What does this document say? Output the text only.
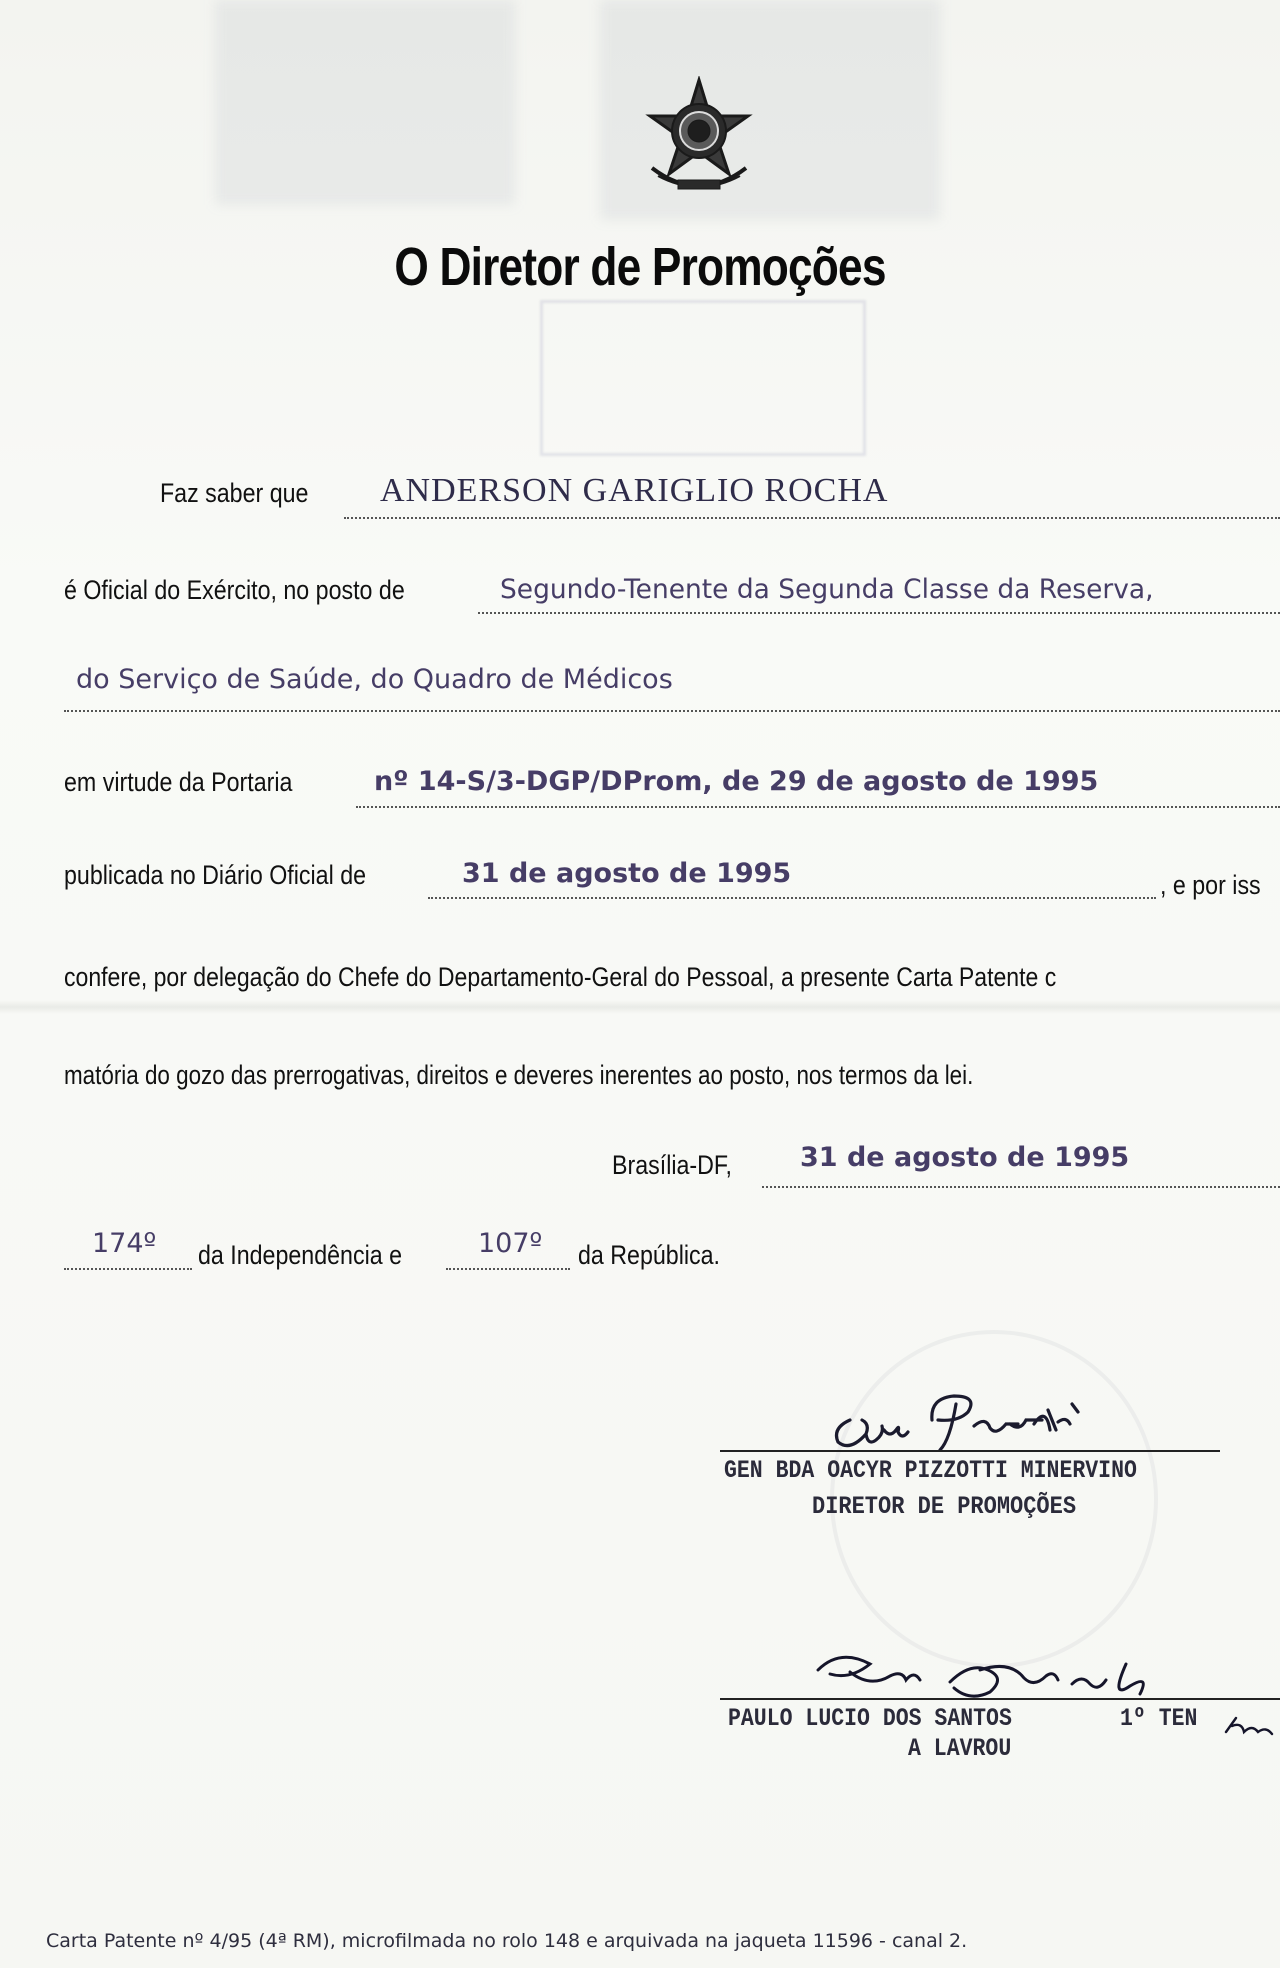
O Diretor de Promoções
Faz saber que ANDERSON GARIGLIO ROCHA
é Oficial do Exército, no posto de	Segundo-Tenente da Segunda Classe da Reserva,
do Serviço de Saúde, do Quadro de Médicos
em virtude da Portaria	nº 14-S/3-DGP/DProm, de 29 de agosto de 1995
publicada no Diário Oficial de	31 de agosto de 1995	, e por iss
confere, por delegação do Chefe do Departamento-Geral do Pessoal, a presente Carta Patente c
matória do gozo das prerrogativas, direitos e deveres inerentes ao posto, nos termos da lei.
Brasília-DF,	31 de agosto de 1995
174º da Independência e	107º da República.
GEN BDA OACYR PIZZOTTI MINERVINO
DIRETOR DE PROMOÇÕES
PAULO LUCIO DOS SANTOS	1º TEN
A LAVROU
Carta Patente nº 4/95 (4ª RM), microfilmada no rolo 148 e arquivada na jaqueta 11596 - canal 2.
